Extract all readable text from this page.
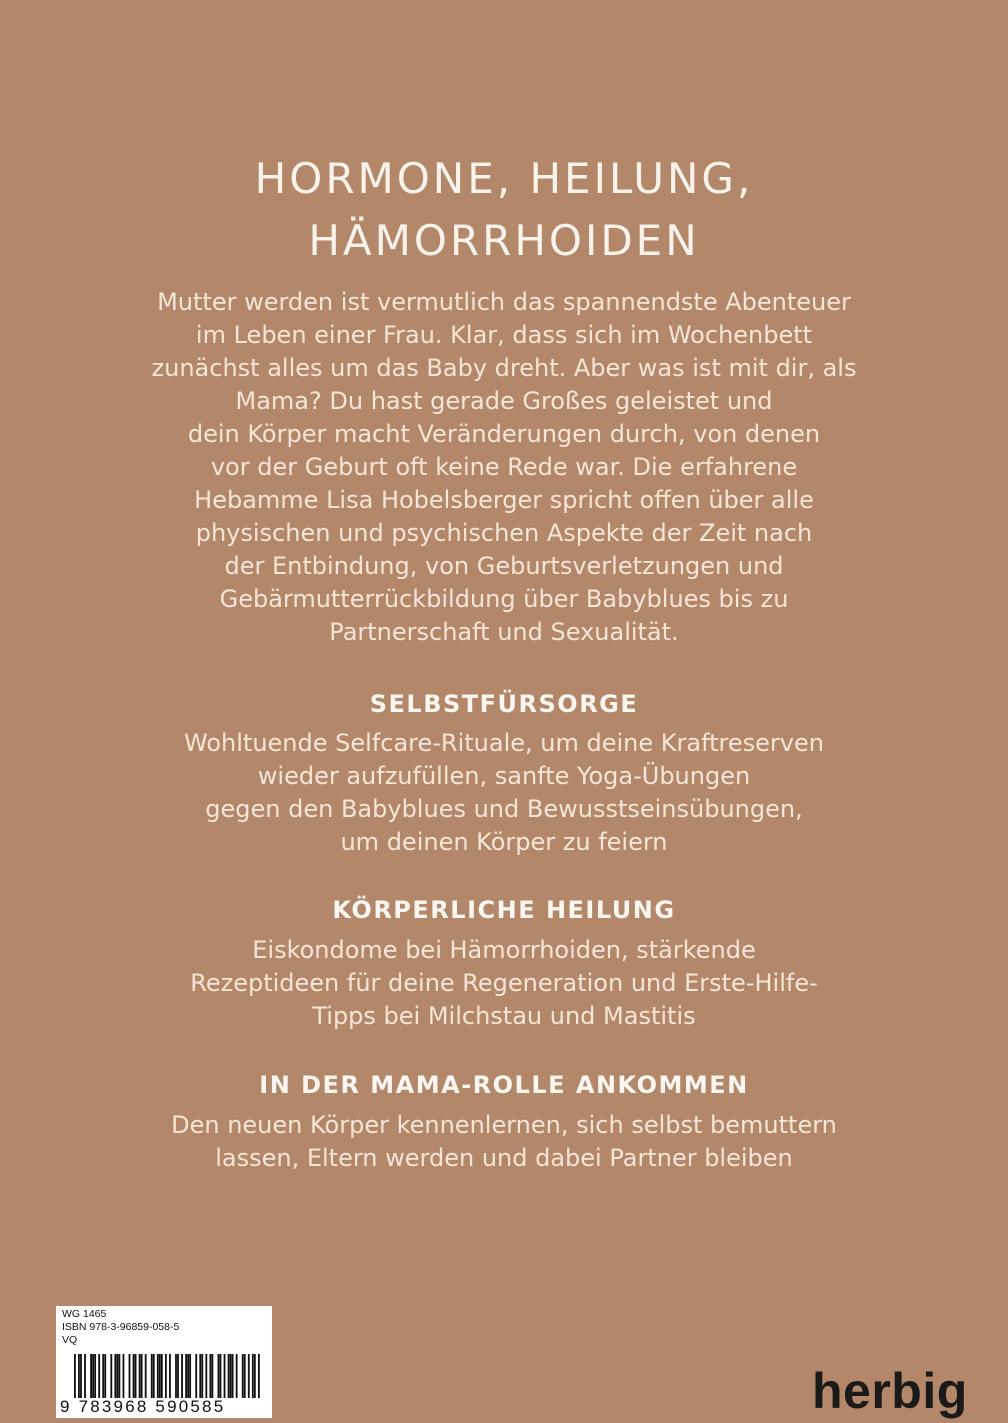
HORMONE, HEILUNG,
HÄMORRHOIDEN

Mutter werden ist vermutlich das spannendste Abenteuer
im Leben einer Frau. Klar, dass sich im Wochenbett
zunächst alles um das Baby dreht. Aber was ist mit dir, als
Mama? Du hast gerade Großes geleistet und
dein Körper macht Veränderungen durch, von denen
vor der Geburt oft keine Rede war. Die erfahrene
Hebamme Lisa Hobelsberger spricht offen über alle
physischen und psychischen Aspekte der Zeit nach
der Entbindung, von Geburtsverletzungen und
Gebärmutterrückbildung über Babyblues bis zu
Partnerschaft und Sexualität.

SELBSTFÜRSORGE

Wohltuende Selfcare-Rituale, um deine Kraftreserven
wieder aufzufüllen, sanfte Yoga-Übungen
gegen den Babyblues und Bewusstseinsübungen,
um deinen Körper zu feiern

KÖRPERLICHE HEILUNG

Eiskondome bei Hämorrhoiden, stärkende
Rezeptideen für deine Regeneration und Erste-Hilfe-
Tipps bei Milchstau und Mastitis

IN DER MAMA-ROLLE ANKOMMEN

Den neuen Körper kennenlernen, sich selbst bemuttern
lassen, Eltern werden und dabei Partner bleiben

WG 1465
ISBN 978-3-96859-058-5
VQ
9 783968 590585	herbig
